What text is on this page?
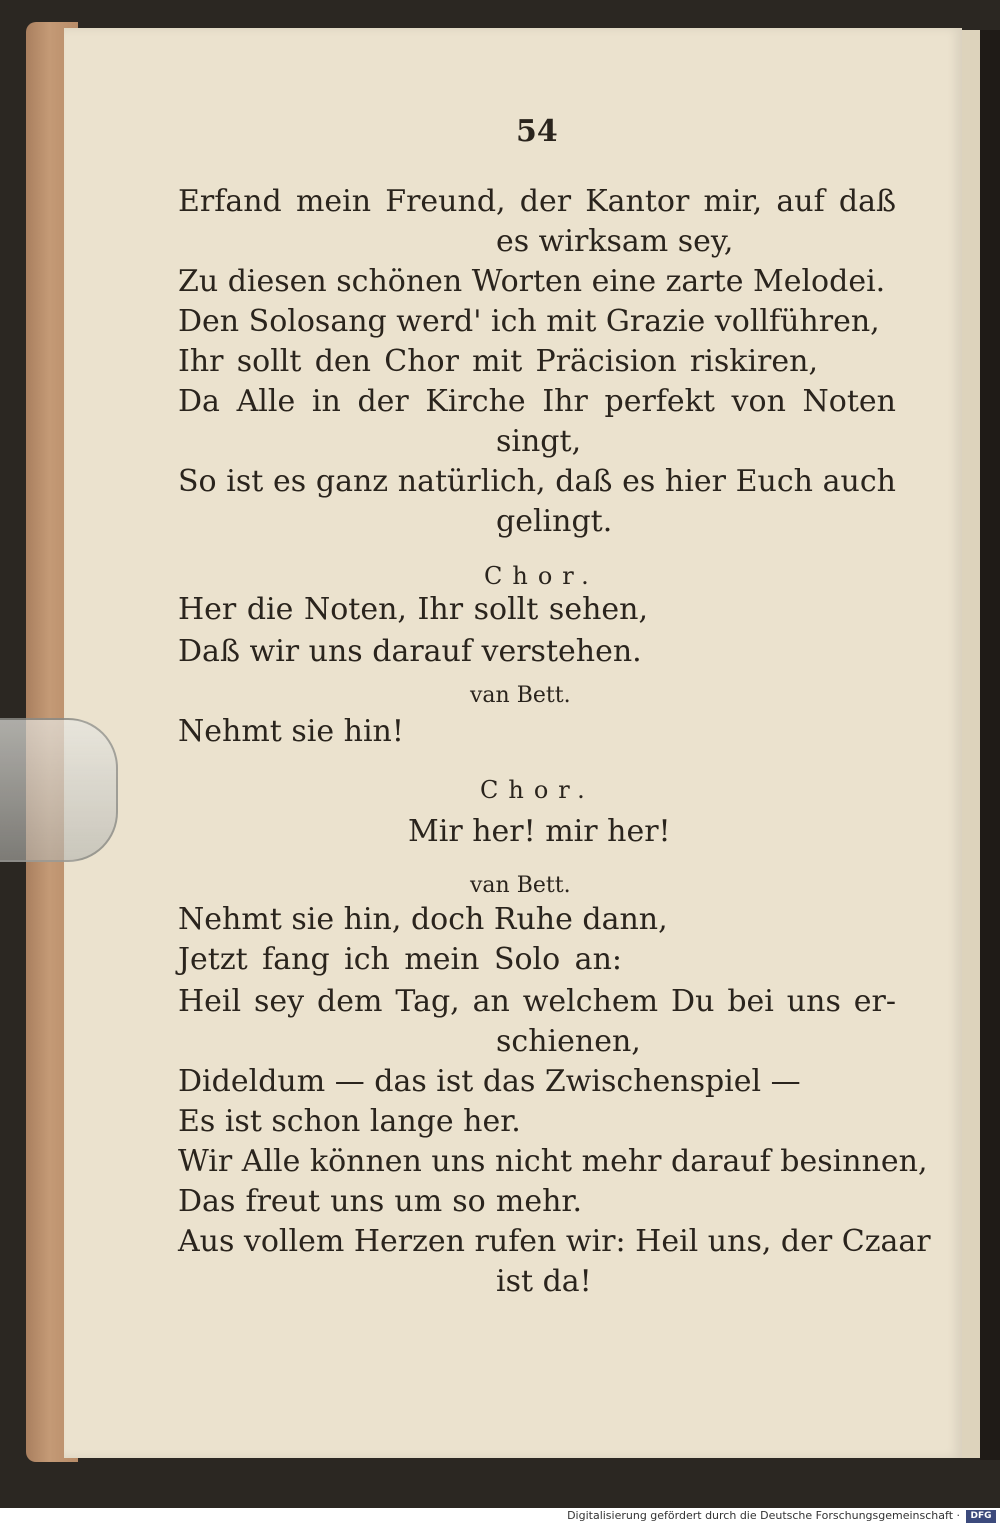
54
Erfand mein Freund, der Kantor mir, auf daß
es wirksam sey,
Zu diesen schönen Worten eine zarte Melodei.
Den Solosang werd' ich mit Grazie vollführen,
Ihr sollt den Chor mit Präcision riskiren,
Da Alle in der Kirche Ihr perfekt von Noten
singt,
So ist es ganz natürlich, daß es hier Euch auch
gelingt.
Chor.
Her die Noten, Ihr sollt sehen,
Daß wir uns darauf verstehen.
van Bett.
Nehmt sie hin!
Chor.
Mir her! mir her!
van Bett.
Nehmt sie hin, doch Ruhe dann,
Jetzt fang ich mein Solo an:
Heil sey dem Tag, an welchem Du bei uns er-
schienen,
Dideldum — das ist das Zwischenspiel —
Es ist schon lange her.
Wir Alle können uns nicht mehr darauf besinnen,
Das freut uns um so mehr.
Aus vollem Herzen rufen wir: Heil uns, der Czaar
ist da!
Digitalisierung gefördert durch die Deutsche Forschungsgemeinschaft ·	DFG
